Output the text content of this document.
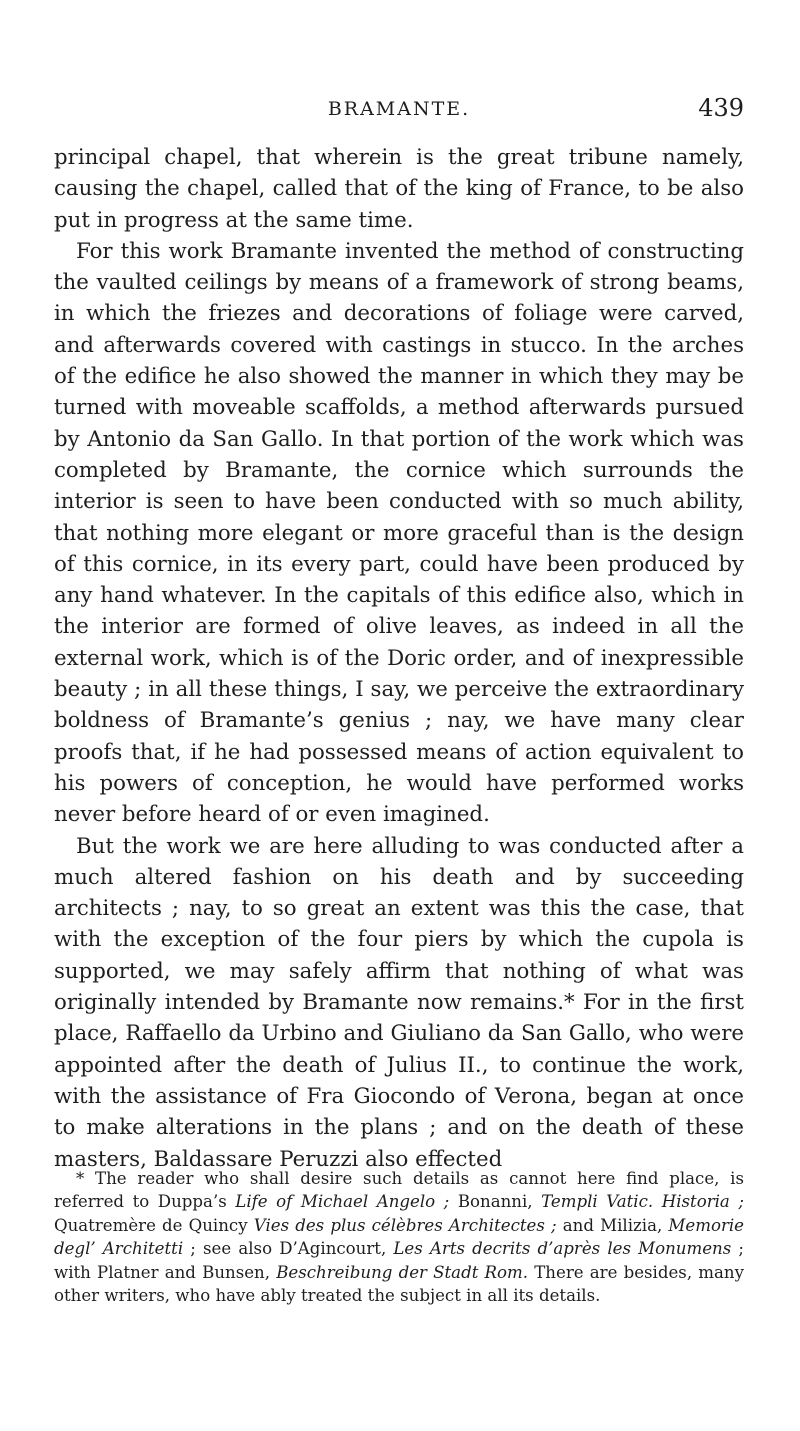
BRAMANTE.	439

principal chapel, that wherein is the great tribune namely, causing the chapel, called that of the king of France, to be also put in progress at the same time.

For this work Bramante invented the method of constructing the vaulted ceilings by means of a framework of strong beams, in which the friezes and decorations of foliage were carved, and afterwards covered with castings in stucco. In the arches of the edifice he also showed the manner in which they may be turned with moveable scaffolds, a method afterwards pursued by Antonio da San Gallo. In that portion of the work which was completed by Bramante, the cornice which surrounds the interior is seen to have been conducted with so much ability, that nothing more elegant or more graceful than is the design of this cornice, in its every part, could have been produced by any hand whatever. In the capitals of this edifice also, which in the interior are formed of olive leaves, as indeed in all the external work, which is of the Doric order, and of inexpressible beauty ; in all these things, I say, we perceive the extraordinary boldness of Bramante’s genius ; nay, we have many clear proofs that, if he had possessed means of action equivalent to his powers of conception, he would have performed works never before heard of or even imagined.

But the work we are here alluding to was conducted after a much altered fashion on his death and by succeeding architects ; nay, to so great an extent was this the case, that with the exception of the four piers by which the cupola is supported, we may safely affirm that nothing of what was originally intended by Bramante now remains.* For in the first place, Raffaello da Urbino and Giuliano da San Gallo, who were appointed after the death of Julius II., to continue the work, with the assistance of Fra Giocondo of Verona, began at once to make alterations in the plans ; and on the death of these masters, Baldassare Peruzzi also effected

* The reader who shall desire such details as cannot here find place, is referred to Duppa’s Life of Michael Angelo ; Bonanni, Templi Vatic. Historia ; Quatremère de Quincy Vies des plus célèbres Architectes ; and Milizia, Memorie degl’ Architetti ; see also D’Agincourt, Les Arts decrits d’après les Monumens ; with Platner and Bunsen, Beschreibung der Stadt Rom. There are besides, many other writers, who have ably treated the subject in all its details.
